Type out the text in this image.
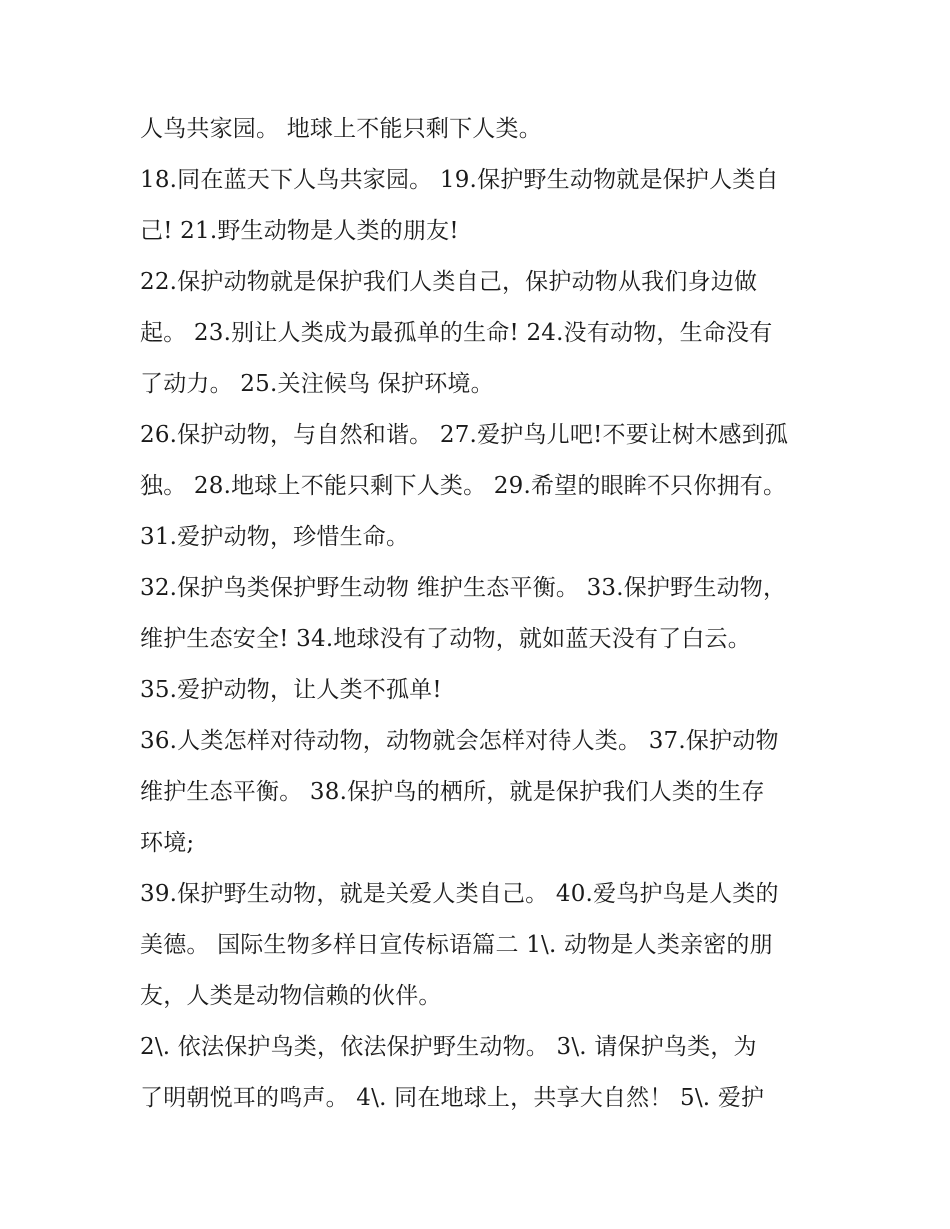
人鸟共家园。 地球上不能只剩下人类。
18.同在蓝天下人鸟共家园。 19.保护野生动物就是保护人类自
己! 21.野生动物是人类的朋友!
22.保护动物就是保护我们人类自己，保护动物从我们身边做
起。 23.别让人类成为最孤单的生命! 24.没有动物，生命没有
了动力。 25.关注候鸟 保护环境。
26.保护动物，与自然和谐。 27.爱护鸟儿吧!不要让树木感到孤
独。 28.地球上不能只剩下人类。 29.希望的眼眸不只你拥有。
31.爱护动物，珍惜生命。
32.保护鸟类保护野生动物 维护生态平衡。 33.保护野生动物，
维护生态安全! 34.地球没有了动物，就如蓝天没有了白云。
35.爱护动物，让人类不孤单!
36.人类怎样对待动物，动物就会怎样对待人类。 37.保护动物
维护生态平衡。 38.保护鸟的栖所，就是保护我们人类的生存
环境;
39.保护野生动物，就是关爱人类自己。 40.爱鸟护鸟是人类的
美德。 国际生物多样日宣传标语篇二 1\. 动物是人类亲密的朋
友，人类是动物信赖的伙伴。
2\. 依法保护鸟类，依法保护野生动物。 3\. 请保护鸟类，为
了明朝悦耳的鸣声。 4\. 同在地球上，共享大自然！ 5\. 爱护
